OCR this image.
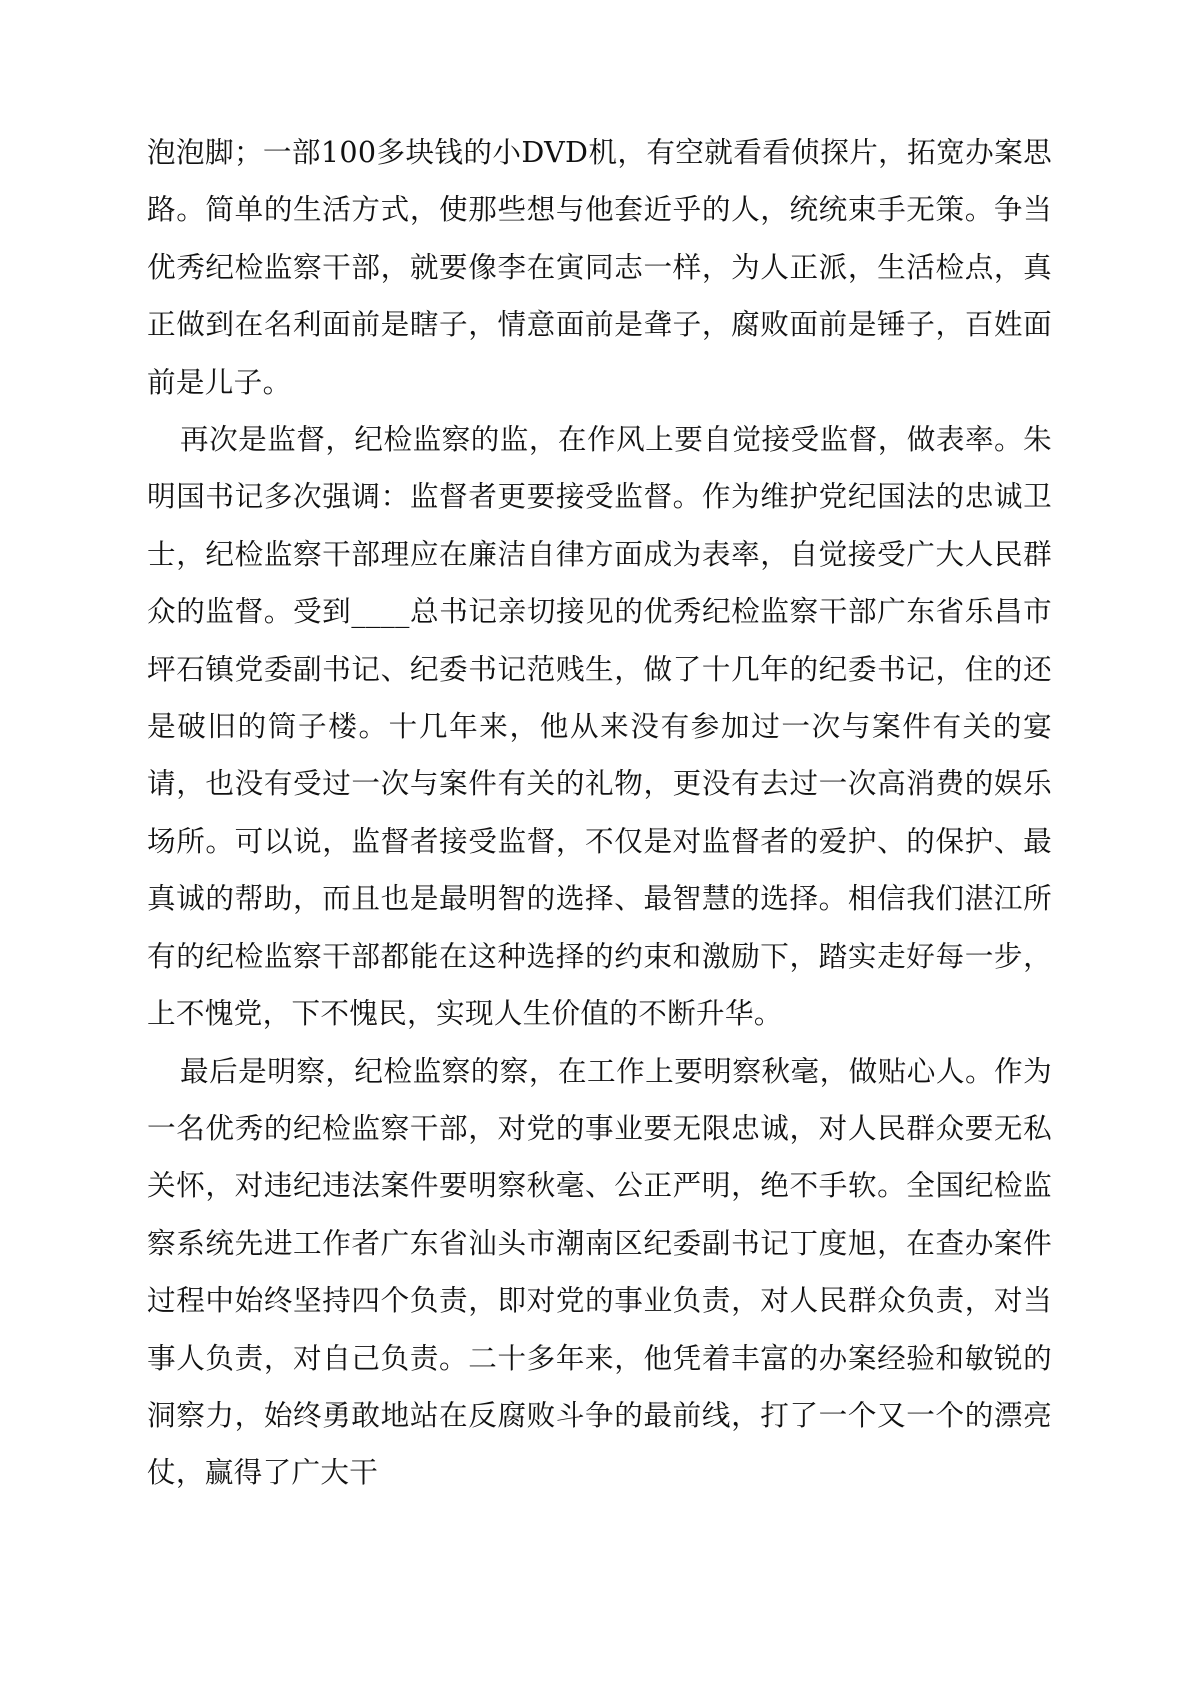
泡泡脚；一部100多块钱的小DVD机，有空就看看侦探片，拓宽办案思路。简单的生活方式，使那些想与他套近乎的人，统统束手无策。争当优秀纪检监察干部，就要像李在寅同志一样，为人正派，生活检点，真正做到在名利面前是瞎子，情意面前是聋子，腐败面前是锤子，百姓面前是儿子。

再次是监督，纪检监察的监，在作风上要自觉接受监督，做表率。朱明国书记多次强调：监督者更要接受监督。作为维护党纪国法的忠诚卫士，纪检监察干部理应在廉洁自律方面成为表率，自觉接受广大人民群众的监督。受到____总书记亲切接见的优秀纪检监察干部广东省乐昌市坪石镇党委副书记、纪委书记范贱生，做了十几年的纪委书记，住的还是破旧的筒子楼。十几年来，他从来没有参加过一次与案件有关的宴请，也没有受过一次与案件有关的礼物，更没有去过一次高消费的娱乐场所。可以说，监督者接受监督，不仅是对监督者的爱护、的保护、最真诚的帮助，而且也是最明智的选择、最智慧的选择。相信我们湛江所有的纪检监察干部都能在这种选择的约束和激励下，踏实走好每一步，上不愧党，下不愧民，实现人生价值的不断升华。

最后是明察，纪检监察的察，在工作上要明察秋毫，做贴心人。作为一名优秀的纪检监察干部，对党的事业要无限忠诚，对人民群众要无私关怀，对违纪违法案件要明察秋毫、公正严明，绝不手软。全国纪检监察系统先进工作者广东省汕头市潮南区纪委副书记丁度旭，在查办案件过程中始终坚持四个负责，即对党的事业负责，对人民群众负责，对当事人负责，对自己负责。二十多年来，他凭着丰富的办案经验和敏锐的洞察力，始终勇敢地站在反腐败斗争的最前线，打了一个又一个的漂亮仗，赢得了广大干
